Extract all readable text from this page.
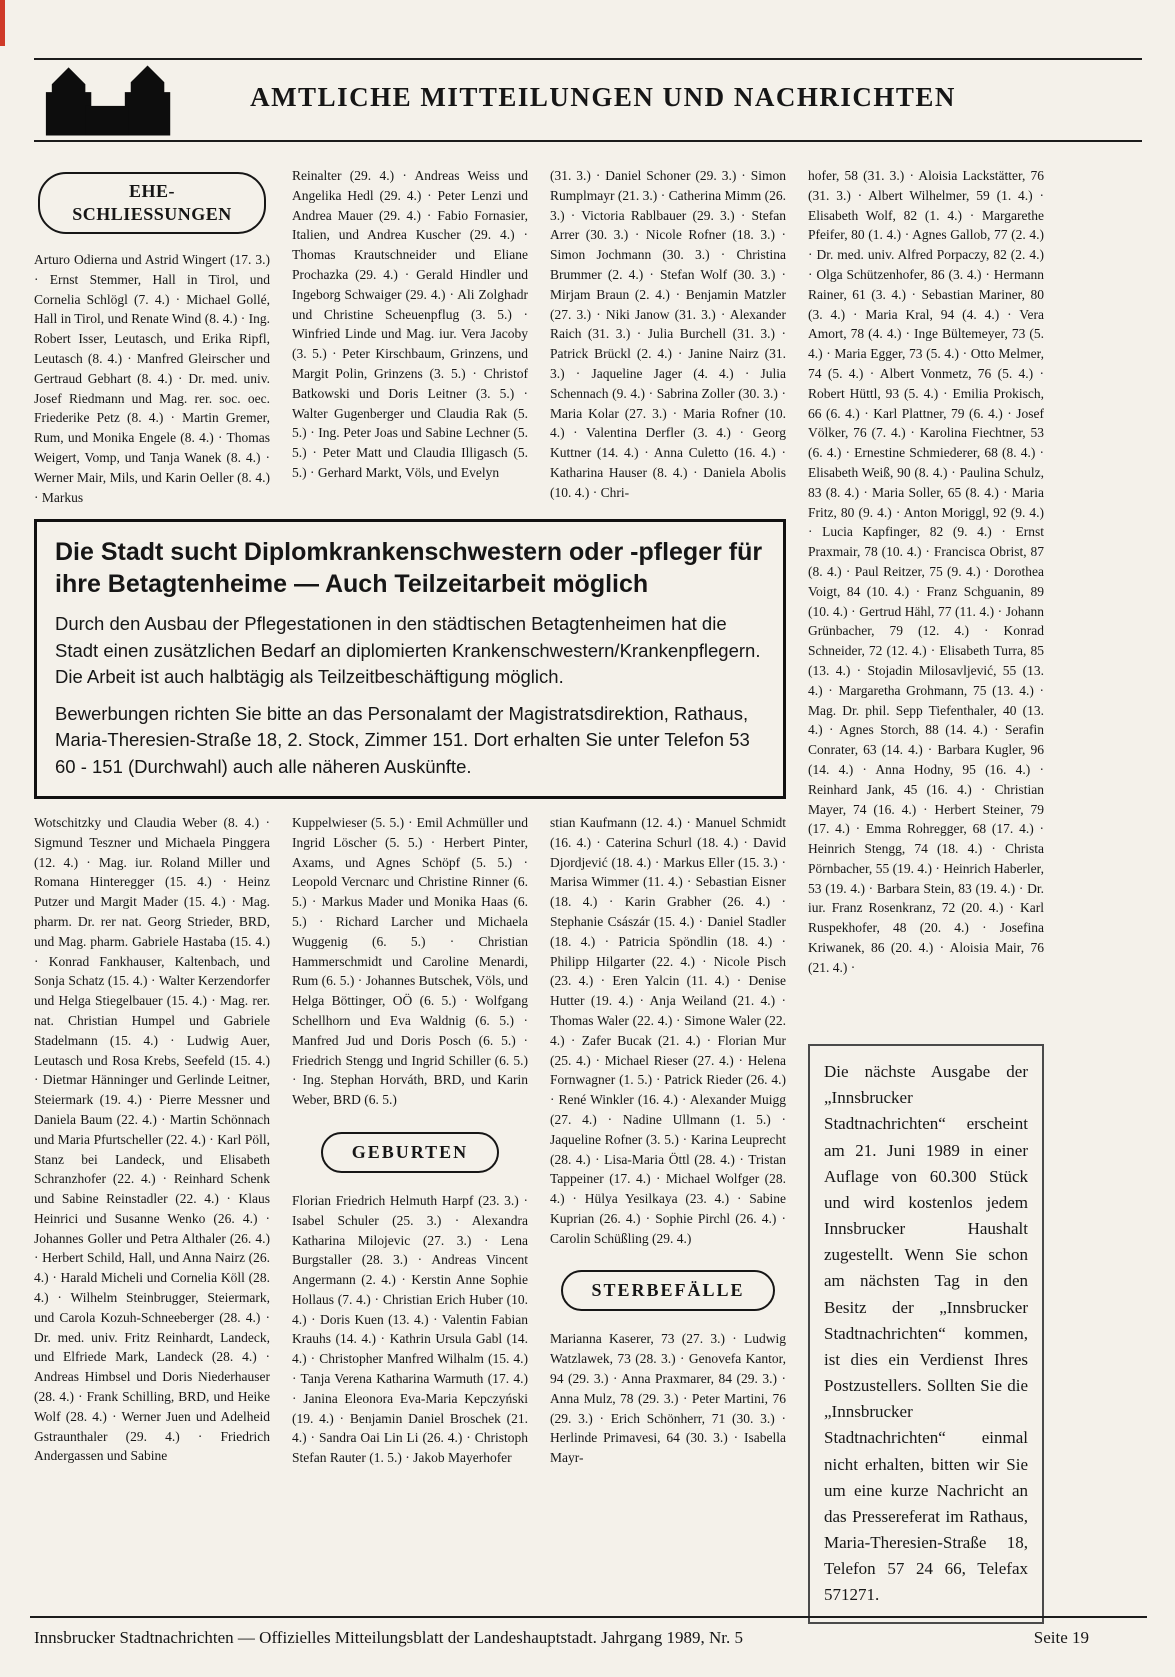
AMTLICHE MITTEILUNGEN UND NACHRICHTEN
EHE-
SCHLIESSUNGEN
Arturo Odierna und Astrid Wingert (17. 3.) · Ernst Stemmer, Hall in Tirol, und Cornelia Schlögl (7. 4.) · Michael Gollé, Hall in Tirol, und Renate Wind (8. 4.) · Ing. Robert Isser, Leutasch, und Erika Ripfl, Leutasch (8. 4.) · Manfred Gleirscher und Gertraud Gebhart (8. 4.) · Dr. med. univ. Josef Riedmann und Mag. rer. soc. oec. Friederike Petz (8. 4.) · Martin Gremer, Rum, und Monika Engele (8. 4.) · Thomas Weigert, Vomp, und Tanja Wanek (8. 4.) · Werner Mair, Mils, und Karin Oeller (8. 4.) · Markus
Reinalter (29. 4.) · Andreas Weiss und Angelika Hedl (29. 4.) · Peter Lenzi und Andrea Mauer (29. 4.) · Fabio Fornasier, Italien, und Andrea Kuscher (29. 4.) · Thomas Krautschneider und Eliane Prochazka (29. 4.) · Gerald Hindler und Ingeborg Schwaiger (29. 4.) · Ali Zolghadr und Christine Scheuenpflug (3. 5.) · Winfried Linde und Mag. iur. Vera Jacoby (3. 5.) · Peter Kirschbaum, Grinzens, und Margit Polin, Grinzens (3. 5.) · Christof Batkowski und Doris Leitner (3. 5.) · Walter Gugenberger und Claudia Rak (5. 5.) · Ing. Peter Joas und Sabine Lechner (5. 5.) · Peter Matt und Claudia Illigasch (5. 5.) · Gerhard Markt, Völs, und Evelyn
(31. 3.) · Daniel Schoner (29. 3.) · Simon Rumplmayr (21. 3.) · Catherina Mimm (26. 3.) · Victoria Rablbauer (29. 3.) · Stefan Arrer (30. 3.) · Nicole Rofner (18. 3.) · Simon Jochmann (30. 3.) · Christina Brummer (2. 4.) · Stefan Wolf (30. 3.) · Mirjam Braun (2. 4.) · Benjamin Matzler (27. 3.) · Niki Janow (31. 3.) · Alexander Raich (31. 3.) · Julia Burchell (31. 3.) · Patrick Brückl (2. 4.) · Janine Nairz (31. 3.) · Jaqueline Jager (4. 4.) · Julia Schennach (9. 4.) · Sabrina Zoller (30. 3.) · Maria Kolar (27. 3.) · Maria Rofner (10. 4.) · Valentina Derfler (3. 4.) · Georg Kuttner (14. 4.) · Anna Culetto (16. 4.) · Katharina Hauser (8. 4.) · Daniela Abolis (10. 4.) · Chri-
Die Stadt sucht Diplomkrankenschwestern oder -pfleger für ihre Betagtenheime — Auch Teilzeitarbeit möglich
Durch den Ausbau der Pflegestationen in den städtischen Betagtenheimen hat die Stadt einen zusätzlichen Bedarf an diplomierten Krankenschwestern/Krankenpflegern. Die Arbeit ist auch halbtägig als Teilzeitbeschäftigung möglich.
Bewerbungen richten Sie bitte an das Personalamt der Magistratsdirektion, Rathaus, Maria-Theresien-Straße 18, 2. Stock, Zimmer 151. Dort erhalten Sie unter Telefon 53 60 - 151 (Durchwahl) auch alle näheren Auskünfte.
Wotschitzky und Claudia Weber (8. 4.) · Sigmund Teszner und Michaela Pinggera (12. 4.) · Mag. iur. Roland Miller und Romana Hinteregger (15. 4.) · Heinz Putzer und Margit Mader (15. 4.) · Mag. pharm. Dr. rer nat. Georg Strieder, BRD, und Mag. pharm. Gabriele Hastaba (15. 4.) · Konrad Fankhauser, Kaltenbach, und Sonja Schatz (15. 4.) · Walter Kerzendorfer und Helga Stiegelbauer (15. 4.) · Mag. rer. nat. Christian Humpel und Gabriele Stadelmann (15. 4.) · Ludwig Auer, Leutasch und Rosa Krebs, Seefeld (15. 4.) · Dietmar Hänninger und Gerlinde Leitner, Steiermark (19. 4.) · Pierre Messner und Daniela Baum (22. 4.) · Martin Schönnach und Maria Pfurtscheller (22. 4.) · Karl Pöll, Stanz bei Landeck, und Elisabeth Schranzhofer (22. 4.) · Reinhard Schenk und Sabine Reinstadler (22. 4.) · Klaus Heinrici und Susanne Wenko (26. 4.) · Johannes Goller und Petra Althaler (26. 4.) · Herbert Schild, Hall, und Anna Nairz (26. 4.) · Harald Micheli und Cornelia Köll (28. 4.) · Wilhelm Steinbrugger, Steiermark, und Carola Kozuh-Schneeberger (28. 4.) · Dr. med. univ. Fritz Reinhardt, Landeck, und Elfriede Mark, Landeck (28. 4.) · Andreas Himbsel und Doris Niederhauser (28. 4.) · Frank Schilling, BRD, und Heike Wolf (28. 4.) · Werner Juen und Adelheid Gstraunthaler (29. 4.) · Friedrich Andergassen und Sabine
Kuppelwieser (5. 5.) · Emil Achmüller und Ingrid Löscher (5. 5.) · Herbert Pinter, Axams, und Agnes Schöpf (5. 5.) · Leopold Vercnarc und Christine Rinner (6. 5.) · Markus Mader und Monika Haas (6. 5.) · Richard Larcher und Michaela Wuggenig (6. 5.) · Christian Hammerschmidt und Caroline Menardi, Rum (6. 5.) · Johannes Butschek, Völs, und Helga Böttinger, OÖ (6. 5.) · Wolfgang Schellhorn und Eva Waldnig (6. 5.) · Manfred Jud und Doris Posch (6. 5.) · Friedrich Stengg und Ingrid Schiller (6. 5.) · Ing. Stephan Horváth, BRD, und Karin Weber, BRD (6. 5.)
GEBURTEN
Florian Friedrich Helmuth Harpf (23. 3.) · Isabel Schuler (25. 3.) · Alexandra Katharina Milojevic (27. 3.) · Lena Burgstaller (28. 3.) · Andreas Vincent Angermann (2. 4.) · Kerstin Anne Sophie Hollaus (7. 4.) · Christian Erich Huber (10. 4.) · Doris Kuen (13. 4.) · Valentin Fabian Krauhs (14. 4.) · Kathrin Ursula Gabl (14. 4.) · Christopher Manfred Wilhalm (15. 4.) · Tanja Verena Katharina Warmuth (17. 4.) · Janina Eleonora Eva-Maria Kepczyński (19. 4.) · Benjamin Daniel Broschek (21. 4.) · Sandra Oai Lin Li (26. 4.) · Christoph Stefan Rauter (1. 5.) · Jakob Mayerhofer
stian Kaufmann (12. 4.) · Manuel Schmidt (16. 4.) · Caterina Schurl (18. 4.) · David Djordjević (18. 4.) · Markus Eller (15. 3.) · Marisa Wimmer (11. 4.) · Sebastian Eisner (18. 4.) · Karin Grabher (26. 4.) · Stephanie Császár (15. 4.) · Daniel Stadler (18. 4.) · Patricia Spöndlin (18. 4.) · Philipp Hilgarter (22. 4.) · Nicole Pisch (23. 4.) · Eren Yalcin (11. 4.) · Denise Hutter (19. 4.) · Anja Weiland (21. 4.) · Thomas Waler (22. 4.) · Simone Waler (22. 4.) · Zafer Bucak (21. 4.) · Florian Mur (25. 4.) · Michael Rieser (27. 4.) · Helena Fornwagner (1. 5.) · Patrick Rieder (26. 4.) · René Winkler (16. 4.) · Alexander Muigg (27. 4.) · Nadine Ullmann (1. 5.) · Jaqueline Rofner (3. 5.) · Karina Leuprecht (28. 4.) · Lisa-Maria Öttl (28. 4.) · Tristan Tappeiner (17. 4.) · Michael Wolfger (28. 4.) · Hülya Yesilkaya (23. 4.) · Sabine Kuprian (26. 4.) · Sophie Pirchl (26. 4.) · Carolin Schüßling (29. 4.)
STERBEFÄLLE
Marianna Kaserer, 73 (27. 3.) · Ludwig Watzlawek, 73 (28. 3.) · Genovefa Kantor, 94 (29. 3.) · Anna Praxmarer, 84 (29. 3.) · Anna Mulz, 78 (29. 3.) · Peter Martini, 76 (29. 3.) · Erich Schönherr, 71 (30. 3.) · Herlinde Primavesi, 64 (30. 3.) · Isabella Mayr-
hofer, 58 (31. 3.) · Aloisia Lackstätter, 76 (31. 3.) · Albert Wilhelmer, 59 (1. 4.) · Elisabeth Wolf, 82 (1. 4.) · Margarethe Pfeifer, 80 (1. 4.) · Agnes Gallob, 77 (2. 4.) · Dr. med. univ. Alfred Porpaczy, 82 (2. 4.) · Olga Schützenhofer, 86 (3. 4.) · Hermann Rainer, 61 (3. 4.) · Sebastian Mariner, 80 (3. 4.) · Maria Kral, 94 (4. 4.) · Vera Amort, 78 (4. 4.) · Inge Bültemeyer, 73 (5. 4.) · Maria Egger, 73 (5. 4.) · Otto Melmer, 74 (5. 4.) · Albert Vonmetz, 76 (5. 4.) · Robert Hüttl, 93 (5. 4.) · Emilia Prokisch, 66 (6. 4.) · Karl Plattner, 79 (6. 4.) · Josef Völker, 76 (7. 4.) · Karolina Fiechtner, 53 (6. 4.) · Ernestine Schmiederer, 68 (8. 4.) · Elisabeth Weiß, 90 (8. 4.) · Paulina Schulz, 83 (8. 4.) · Maria Soller, 65 (8. 4.) · Maria Fritz, 80 (9. 4.) · Anton Moriggl, 92 (9. 4.) · Lucia Kapfinger, 82 (9. 4.) · Ernst Praxmair, 78 (10. 4.) · Francisca Obrist, 87 (8. 4.) · Paul Reitzer, 75 (9. 4.) · Dorothea Voigt, 84 (10. 4.) · Franz Schguanin, 89 (10. 4.) · Gertrud Hähl, 77 (11. 4.) · Johann Grünbacher, 79 (12. 4.) · Konrad Schneider, 72 (12. 4.) · Elisabeth Turra, 85 (13. 4.) · Stojadin Milosavljević, 55 (13. 4.) · Margaretha Grohmann, 75 (13. 4.) · Mag. Dr. phil. Sepp Tiefenthaler, 40 (13. 4.) · Agnes Storch, 88 (14. 4.) · Serafin Conrater, 63 (14. 4.) · Barbara Kugler, 96 (14. 4.) · Anna Hodny, 95 (16. 4.) · Reinhard Jank, 45 (16. 4.) · Christian Mayer, 74 (16. 4.) · Herbert Steiner, 79 (17. 4.) · Emma Rohregger, 68 (17. 4.) · Heinrich Stengg, 74 (18. 4.) · Christa Pörnbacher, 55 (19. 4.) · Heinrich Haberler, 53 (19. 4.) · Barbara Stein, 83 (19. 4.) · Dr. iur. Franz Rosenkranz, 72 (20. 4.) · Karl Ruspekhofer, 48 (20. 4.) · Josefina Kriwanek, 86 (20. 4.) · Aloisia Mair, 76 (21. 4.) ·
Die nächste Ausgabe der „Innsbrucker Stadtnachrichten“ erscheint am 21. Juni 1989 in einer Auflage von 60.300 Stück und wird kostenlos jedem Innsbrucker Haushalt zugestellt. Wenn Sie schon am nächsten Tag in den Besitz der „Innsbrucker Stadtnachrichten“ kommen, ist dies ein Verdienst Ihres Postzustellers. Sollten Sie die „Innsbrucker Stadtnachrichten“ einmal nicht erhalten, bitten wir Sie um eine kurze Nachricht an das Pressereferat im Rathaus, Maria-Theresien-Straße 18, Telefon 57 24 66, Telefax 571271.
Innsbrucker Stadtnachrichten — Offizielles Mitteilungsblatt der Landeshauptstadt. Jahrgang 1989, Nr. 5	Seite 19
